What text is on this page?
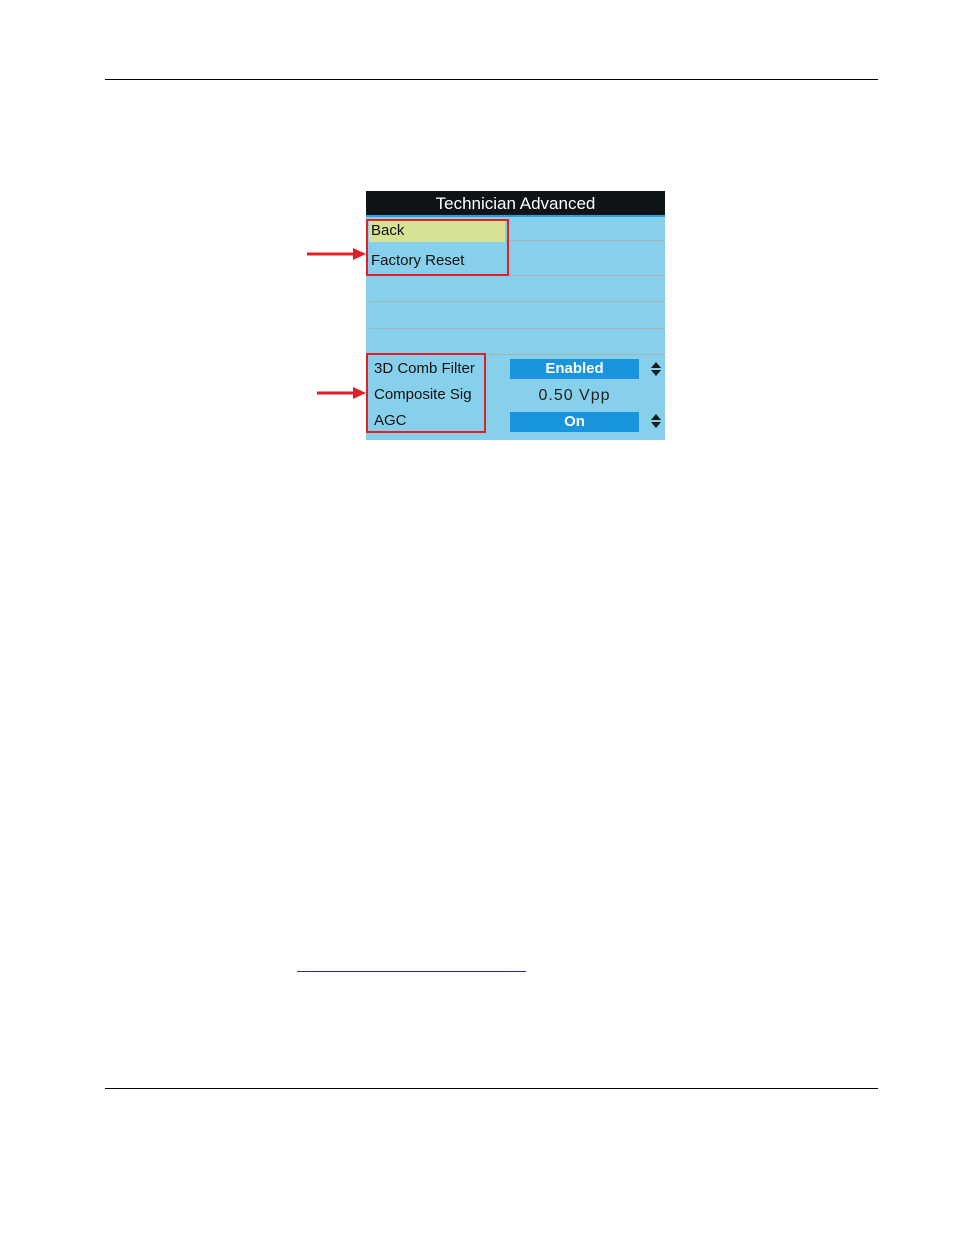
Technician Advanced
Back
Factory Reset
3D Comb Filter	Enabled
Composite Sig	0.50 Vpp
AGC	On
